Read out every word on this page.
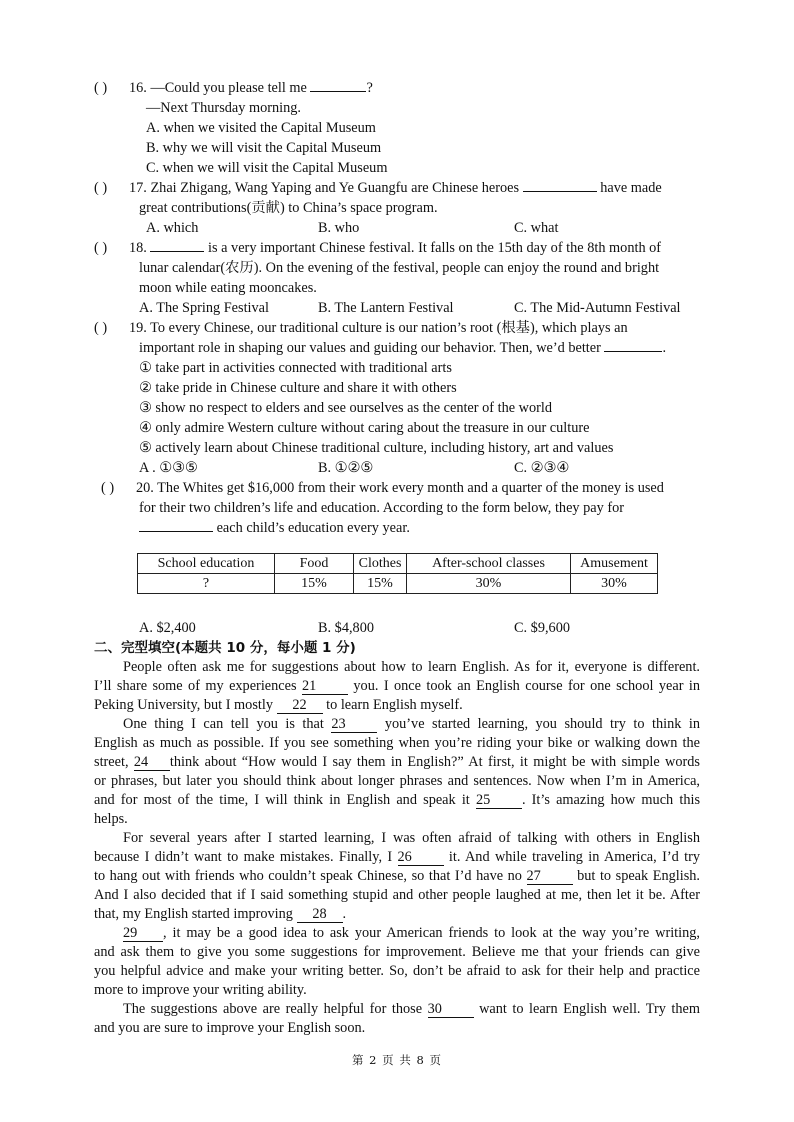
( ) 16. —Could you please tell me	?
—Next Thursday morning.
A. when we visited the Capital Museum
B. why we will visit the Capital Museum
C. when we will visit the Capital Museum
( ) 17. Zhai Zhigang, Wang Yaping and Ye Guangfu are Chinese heroes	have made
great contributions(贡献) to China’s space program.
A. which	B. who	C. what
( ) 18.	is a very important Chinese festival. It falls on the 15th day of the 8th month of
lunar calendar(农历). On the evening of the festival, people can enjoy the round and bright
moon while eating mooncakes.
A. The Spring Festival	B. The Lantern Festival	C. The Mid-Autumn Festival
( ) 19. To every Chinese, our traditional culture is our nation’s root (根基), which plays an
important role in shaping our values and guiding our behavior. Then, we’d better	.
① take part in activities connected with traditional arts
② take pride in Chinese culture and share it with others
③ show no respect to elders and see ourselves as the center of the world
④ only admire Western culture without caring about the treasure in our culture
⑤ actively learn about Chinese traditional culture, including history, art and values
A . ①③⑤	B. ①②⑤	C. ②③④
( ) 20. The Whites get $16,000 from their work every month and a quarter of the money is used
for their two children’s life and education. According to the form below, they pay for
each child’s education every year.
School education	Food	Clothes	After-school classes	Amusement
?	15%	15%	30%	30%
A. $2,400	B. $4,800	C. $9,600
二、完型填空(本题共 10 分，每小题 1 分)
People often ask me for suggestions about how to learn English. As for it, everyone is different.
I’ll share some of my experiences 21	you. I once took an English course for one school year in
Peking University, but I mostly 22 to learn English myself.
One thing I can tell you is that 23	you’ve started learning, you should try to think in
English as much as possible. If you see something when you’re riding your bike or walking down the
street, 24 think about “How would I say them in English?” At first, it might be with simple words
or phrases, but later you should think about longer phrases and sentences. Now when I’m in America,
and for most of the time, I will think in English and speak it 25 . It’s amazing how much this
helps.
For several years after I started learning, I was often afraid of talking with others in English
because I didn’t want to make mistakes. Finally, I 26	it. And while traveling in America, I’d try
to hang out with friends who couldn’t speak Chinese, so that I’d have no 27	but to speak English.
And I also decided that if I said something stupid and other people laughed at me, then let it be. After
that, my English started improving 28 .
29 , it may be a good idea to ask your American friends to look at the way you’re writing,
and ask them to give you some suggestions for improvement. Believe me that your friends can give
you helpful advice and make your writing better. So, don’t be afraid to ask for their help and practice
more to improve your writing ability.
The suggestions above are really helpful for those 30	want to learn English well. Try them
and you are sure to improve your English soon.
第 2 页 共 8 页
